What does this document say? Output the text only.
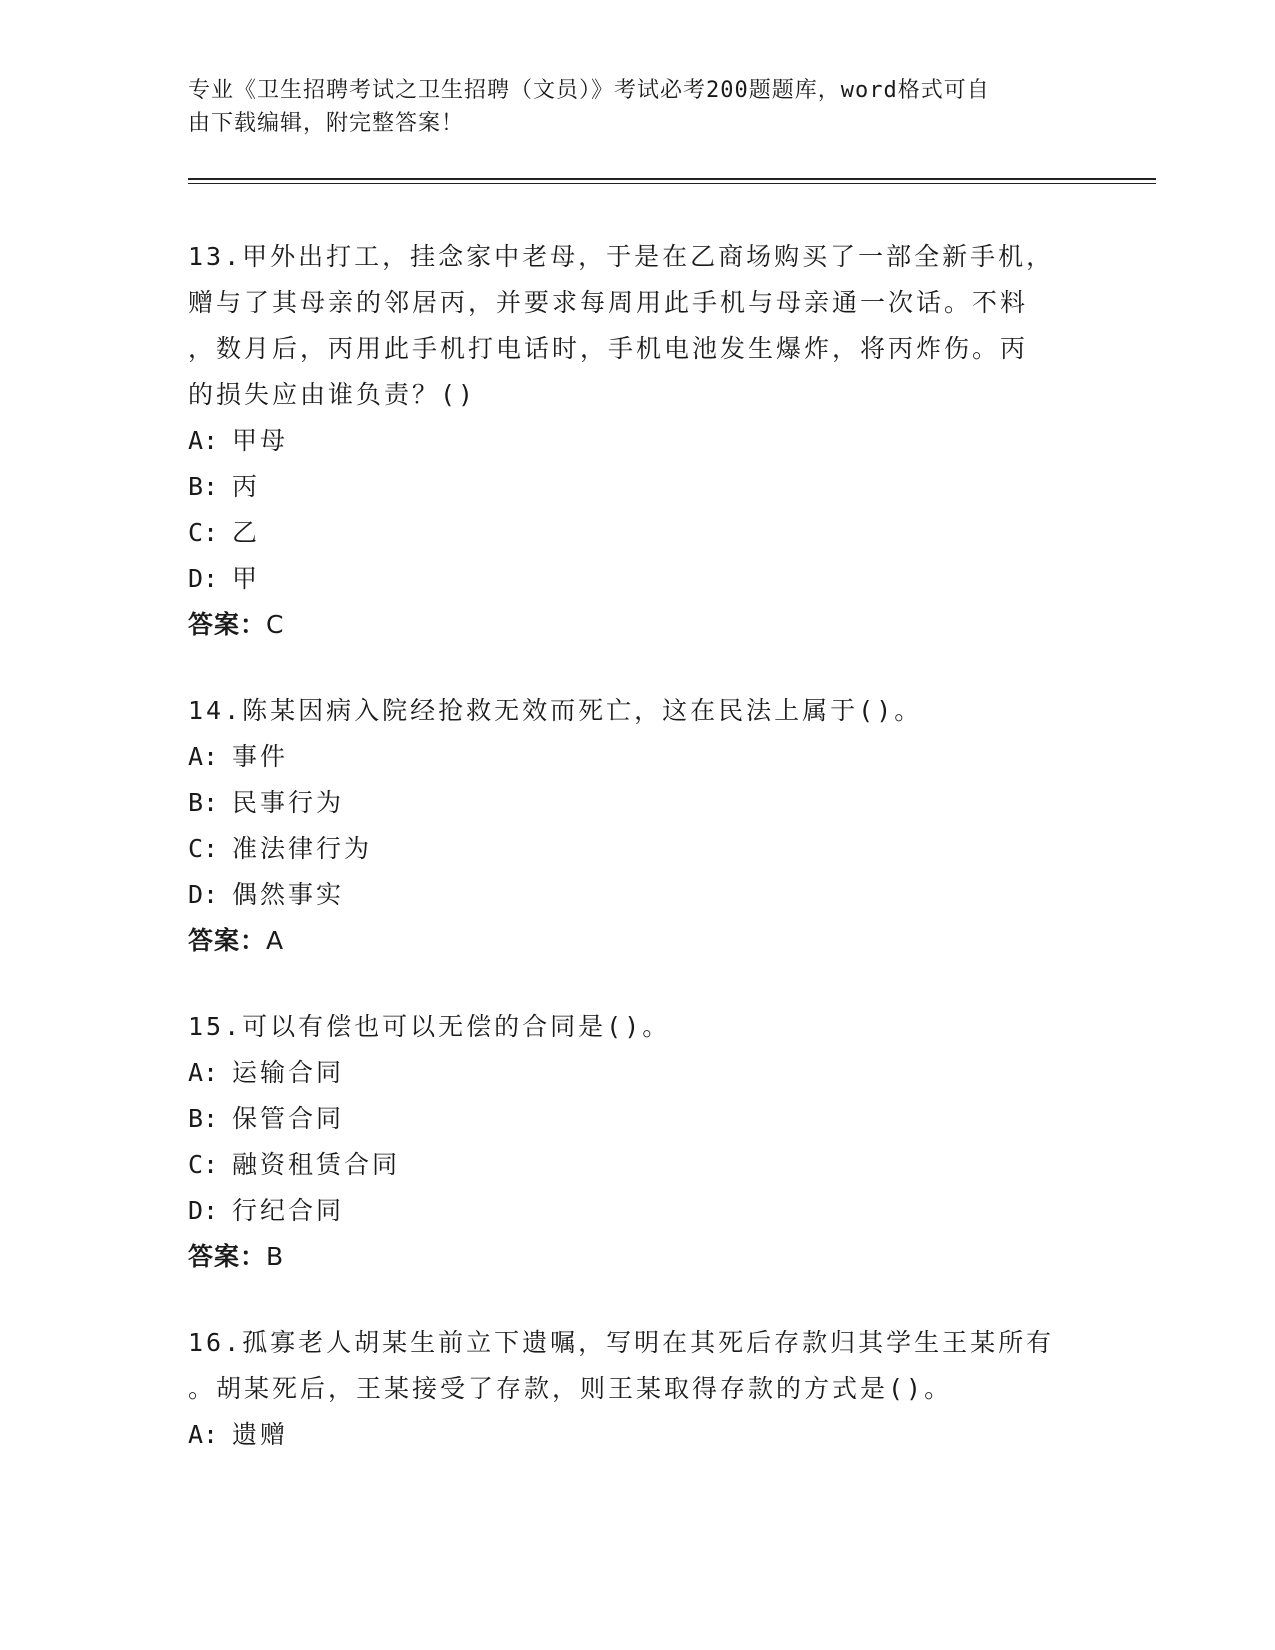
专业《卫生招聘考试之卫生招聘（文员）》考试必考200题题库，word格式可自
由下载编辑，附完整答案！

13.甲外出打工，挂念家中老母，于是在乙商场购买了一部全新手机，

赠与了其母亲的邻居丙，并要求每周用此手机与母亲通一次话。不料

，数月后，丙用此手机打电话时，手机电池发生爆炸，将丙炸伤。丙

的损失应由谁负责？()

A: 甲母

B: 丙

C: 乙

D: 甲

答案：C

14.陈某因病入院经抢救无效而死亡，这在民法上属于()。

A: 事件

B: 民事行为

C: 准法律行为

D: 偶然事实

答案：A

15.可以有偿也可以无偿的合同是()。

A: 运输合同

B: 保管合同

C: 融资租赁合同

D: 行纪合同

答案：B

16.孤寡老人胡某生前立下遗嘱，写明在其死后存款归其学生王某所有

。胡某死后，王某接受了存款，则王某取得存款的方式是()。

A: 遗赠
